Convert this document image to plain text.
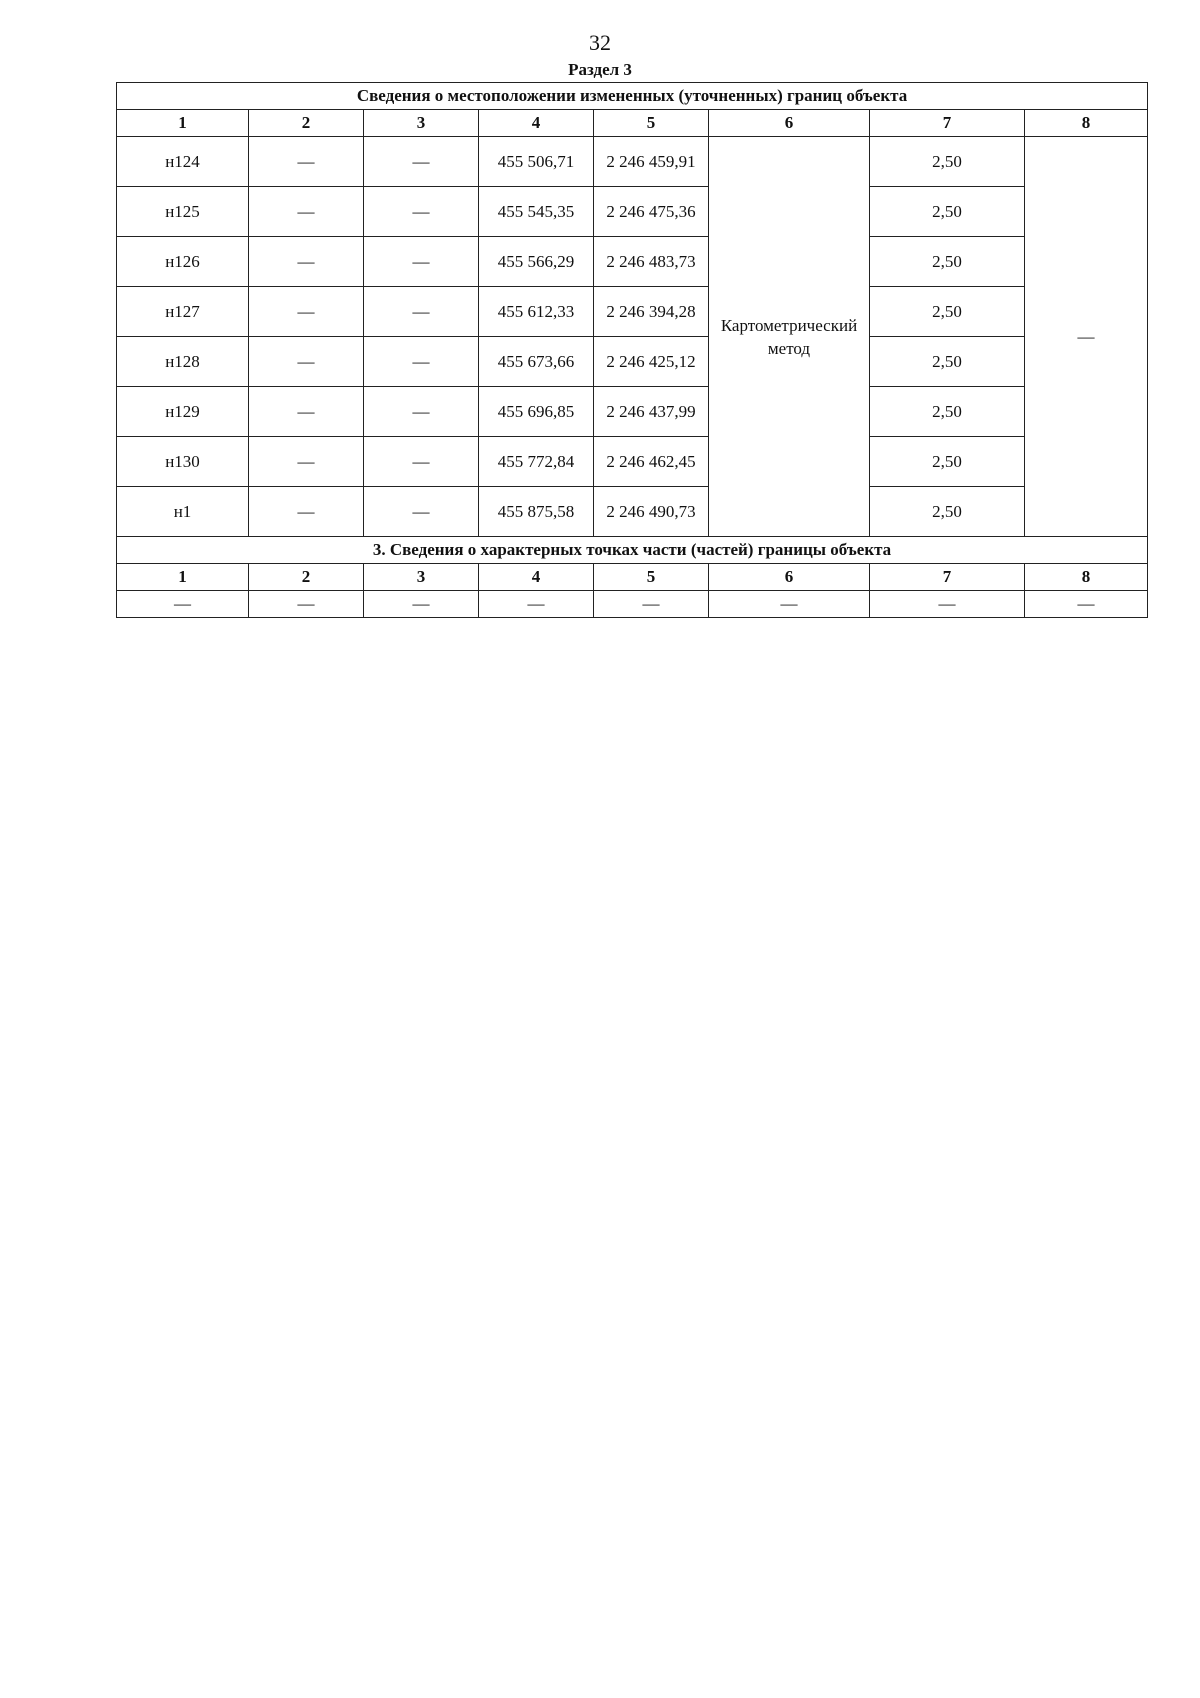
32
Раздел 3
Сведения о местоположении измененных (уточненных) границ объекта							
1	2	3	4	5	6	7	8
н124	—	—	455 506,71	2 246 459,91	Картометрический метод	2,50	—
н125	—	—	455 545,35	2 246 475,36		2,50	
н126	—	—	455 566,29	2 246 483,73		2,50	
н127	—	—	455 612,33	2 246 394,28		2,50	
н128	—	—	455 673,66	2 246 425,12		2,50	
н129	—	—	455 696,85	2 246 437,99		2,50	
н130	—	—	455 772,84	2 246 462,45		2,50	
н1	—	—	455 875,58	2 246 490,73		2,50	
3. Сведения о характерных точках части (частей) границы объекта							
1	2	3	4	5	6	7	8
—	—	—	—	—	—	—	—
